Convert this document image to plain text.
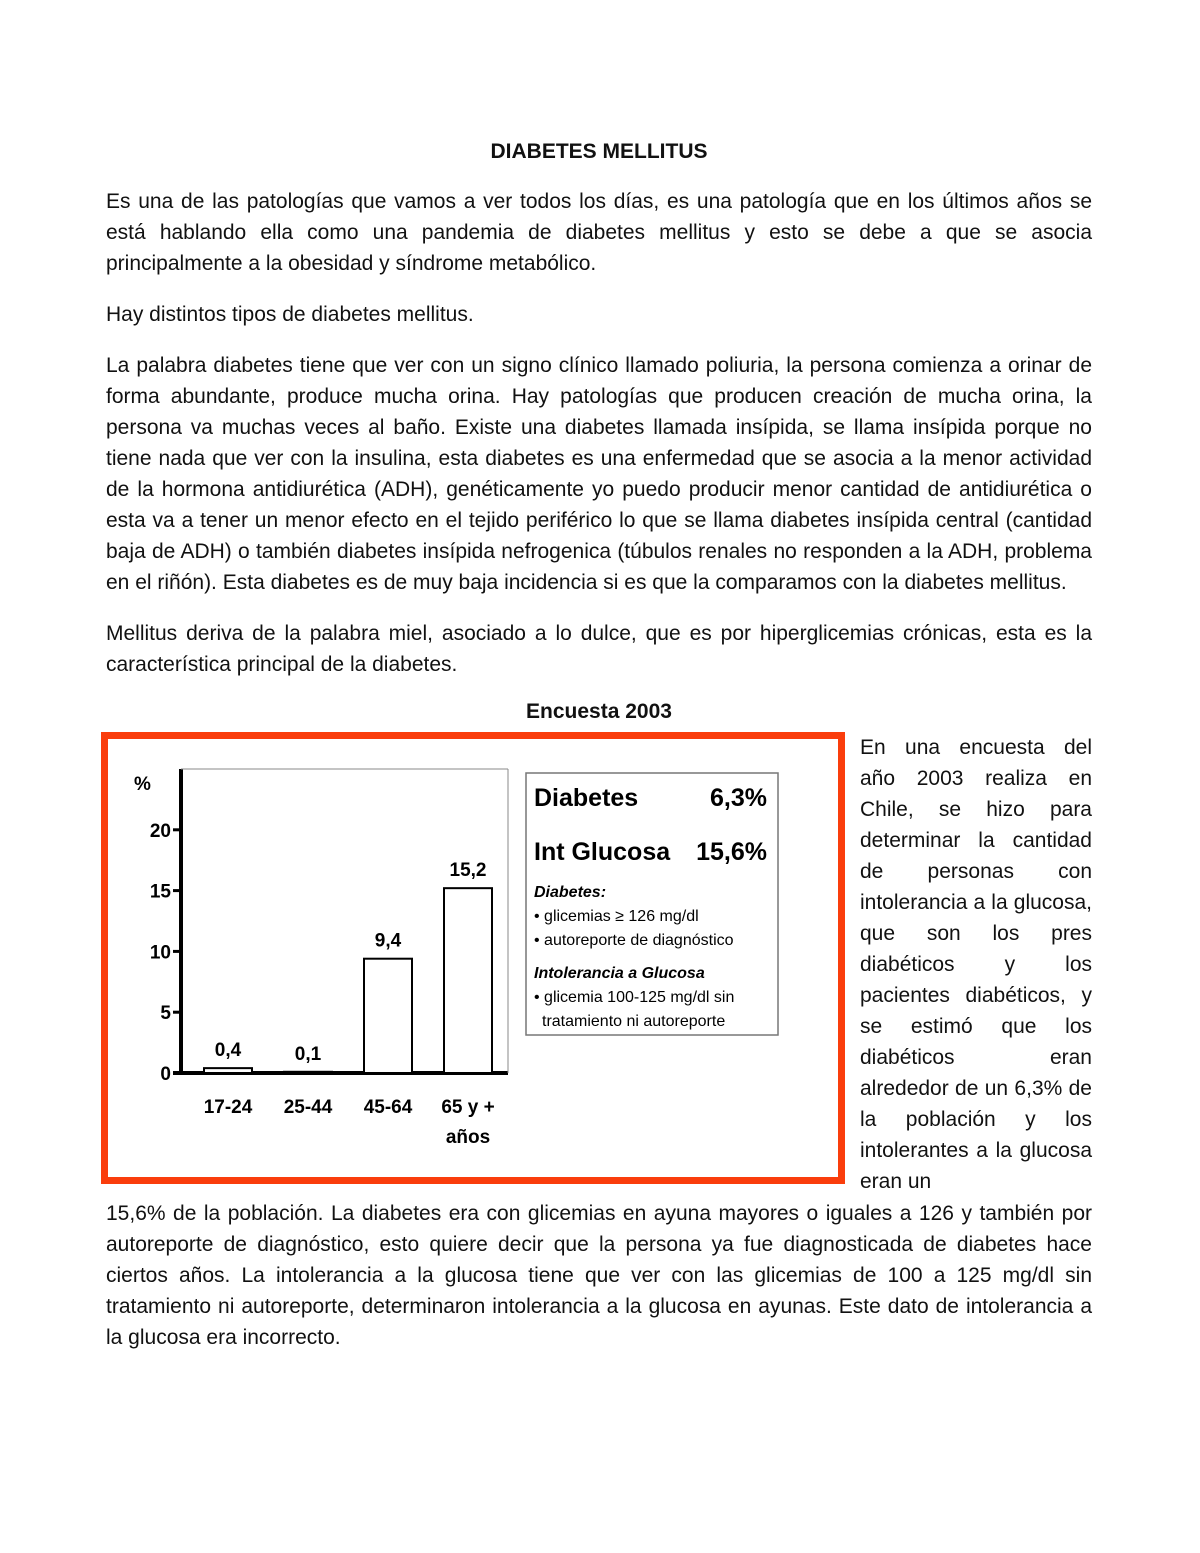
DIABETES MELLITUS

Es una de las patologías que vamos a ver todos los días, es una patología que en los últimos años se está hablando ella como una pandemia de diabetes mellitus y esto se debe a que se asocia principalmente a la obesidad y síndrome metabólico.

Hay distintos tipos de diabetes mellitus.

La palabra diabetes tiene que ver con un signo clínico llamado poliuria, la persona comienza a orinar de forma abundante, produce mucha orina. Hay patologías que producen creación de mucha orina, la persona va muchas veces al baño. Existe una diabetes llamada insípida, se llama insípida porque no tiene nada que ver con la insulina, esta diabetes es una enfermedad que se asocia a la menor actividad de la hormona antidiurética (ADH), genéticamente yo puedo producir menor cantidad de antidiurética o esta va a tener un menor efecto en el tejido periférico lo que se llama diabetes insípida central (cantidad baja de ADH) o también diabetes insípida nefrogenica (túbulos renales no responden a la ADH, problema en el riñón). Esta diabetes es de muy baja incidencia si es que la comparamos con la diabetes mellitus.

Mellitus deriva de la palabra miel, asociado a lo dulce, que es por hiperglicemias crónicas, esta es la característica principal de la diabetes.

Encuesta 2003

%
0
5
10
15
20
0,4
17-24
0,1
25-44
9,4
45-64
15,2
65 y +
años
Diabetes	6,3%
Int Glucosa 15,6%
Diabetes:
• glicemias ≥ 126 mg/dl
• autoreporte de diagnóstico
Intolerancia a Glucosa
• glicemia 100-125 mg/dl sin
tratamiento ni autoreporte
En una encuesta del año 2003 realiza en Chile, se hizo para determinar la cantidad de personas con intolerancia a la glucosa, que son los pres diabéticos y los pacientes diabéticos, y se estimó que los diabéticos eran alrededor de un 6,3% de la población y los intolerantes a la glucosa eran un

15,6% de la población. La diabetes era con glicemias en ayuna mayores o iguales a 126 y también por autoreporte de diagnóstico, esto quiere decir que la persona ya fue diagnosticada de diabetes hace ciertos años. La intolerancia a la glucosa tiene que ver con las glicemias de 100 a 125 mg/dl sin tratamiento ni autoreporte, determinaron intolerancia a la glucosa en ayunas. Este dato de intolerancia a la glucosa era incorrecto.
